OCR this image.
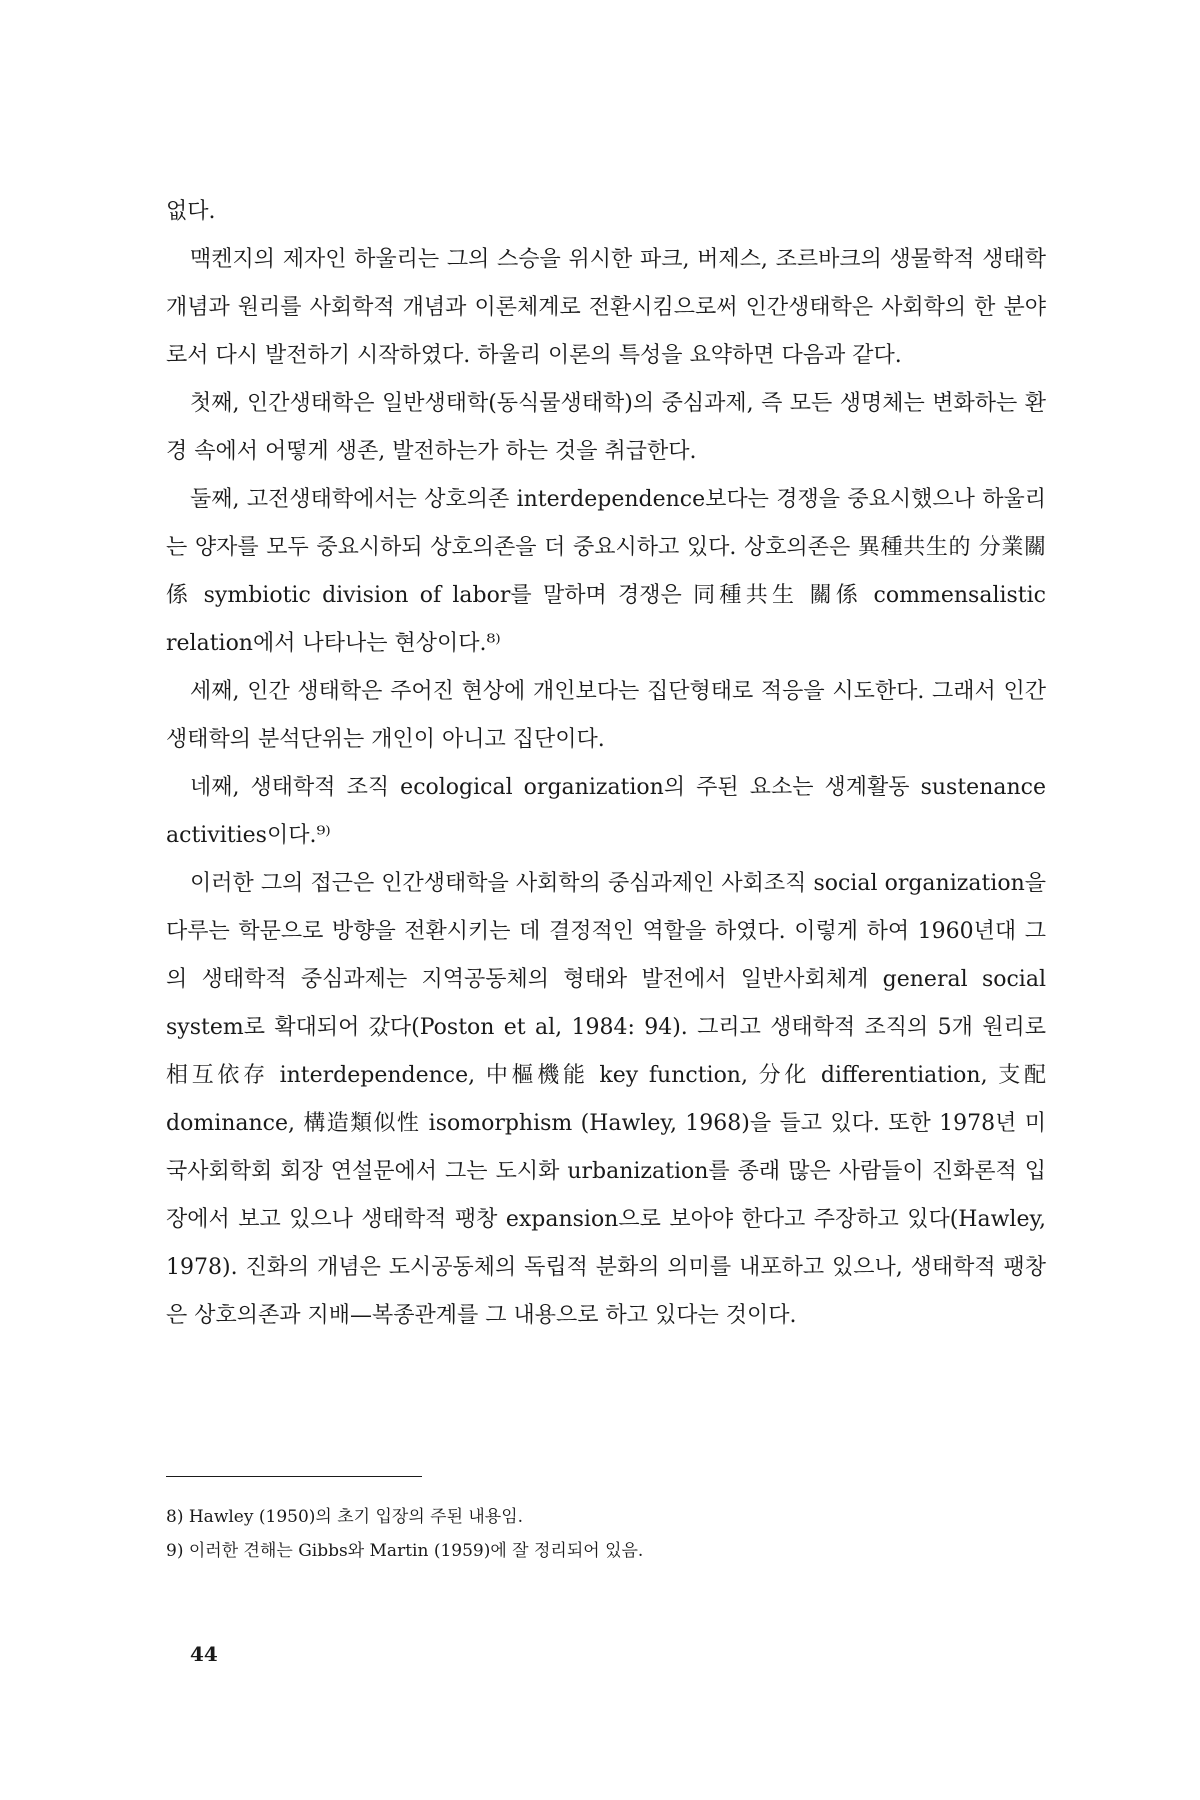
없다.

맥켄지의 제자인 하울리는 그의 스승을 위시한 파크, 버제스, 조르바크의 생물학적 생태학 개념과 원리를 사회학적 개념과 이론체계로 전환시킴으로써 인간생태학은 사회학의 한 분야로서 다시 발전하기 시작하였다. 하울리 이론의 특성을 요약하면 다음과 같다.

첫째, 인간생태학은 일반생태학(동식물생태학)의 중심과제, 즉 모든 생명체는 변화하는 환경 속에서 어떻게 생존, 발전하는가 하는 것을 취급한다.

둘째, 고전생태학에서는 상호의존 interdependence보다는 경쟁을 중요시했으나 하울리는 양자를 모두 중요시하되 상호의존을 더 중요시하고 있다. 상호의존은 異種共生的 分業關係 symbiotic division of labor를 말하며 경쟁은 同種共生 關係 commensalistic relation에서 나타나는 현상이다.⁸⁾

세째, 인간 생태학은 주어진 현상에 개인보다는 집단형태로 적응을 시도한다. 그래서 인간생태학의 분석단위는 개인이 아니고 집단이다.

네째, 생태학적 조직 ecological organization의 주된 요소는 생계활동 sustenance activities이다.⁹⁾

이러한 그의 접근은 인간생태학을 사회학의 중심과제인 사회조직 social organization을 다루는 학문으로 방향을 전환시키는 데 결정적인 역할을 하였다. 이렇게 하여 1960년대 그의 생태학적 중심과제는 지역공동체의 형태와 발전에서 일반사회체계 general social system로 확대되어 갔다(Poston et al, 1984: 94). 그리고 생태학적 조직의 5개 원리로 相互依存 interdependence, 中樞機能 key function, 分化 differentiation, 支配 dominance, 構造類似性 isomorphism (Hawley, 1968)을 들고 있다. 또한 1978년 미국사회학회 회장 연설문에서 그는 도시화 urbanization를 종래 많은 사람들이 진화론적 입장에서 보고 있으나 생태학적 팽창 expansion으로 보아야 한다고 주장하고 있다(Hawley, 1978). 진화의 개념은 도시공동체의 독립적 분화의 의미를 내포하고 있으나, 생태학적 팽창은 상호의존과 지배—복종관계를 그 내용으로 하고 있다는 것이다.

8) Hawley (1950)의 초기 입장의 주된 내용임.

9) 이러한 견해는 Gibbs와 Martin (1959)에 잘 정리되어 있음.

44
